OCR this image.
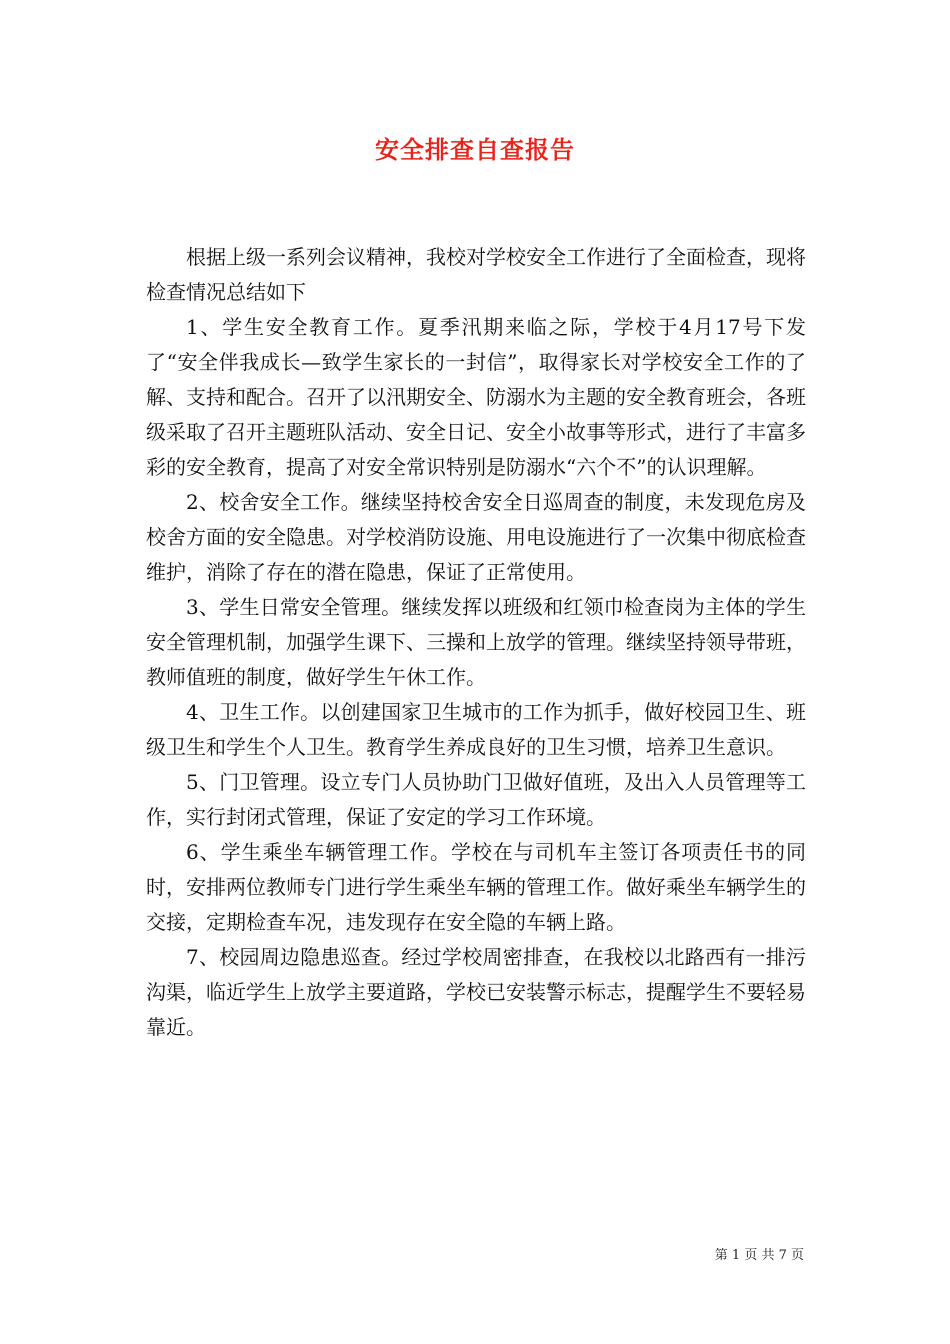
安全排查自查报告

根据上级一系列会议精神，我校对学校安全工作进行了全面检查，现将检查情况总结如下

1、学生安全教育工作。夏季汛期来临之际，学校于4月17号下发了“安全伴我成长—致学生家长的一封信”，取得家长对学校安全工作的了解、支持和配合。召开了以汛期安全、防溺水为主题的安全教育班会，各班级采取了召开主题班队活动、安全日记、安全小故事等形式，进行了丰富多彩的安全教育，提高了对安全常识特别是防溺水“六个不”的认识理解。

2、校舍安全工作。继续坚持校舍安全日巡周查的制度，未发现危房及校舍方面的安全隐患。对学校消防设施、用电设施进行了一次集中彻底检查维护，消除了存在的潜在隐患，保证了正常使用。

3、学生日常安全管理。继续发挥以班级和红领巾检查岗为主体的学生安全管理机制，加强学生课下、三操和上放学的管理。继续坚持领导带班，教师值班的制度，做好学生午休工作。

4、卫生工作。以创建国家卫生城市的工作为抓手，做好校园卫生、班级卫生和学生个人卫生。教育学生养成良好的卫生习惯，培养卫生意识。

5、门卫管理。设立专门人员协助门卫做好值班，及出入人员管理等工作，实行封闭式管理，保证了安定的学习工作环境。

6、学生乘坐车辆管理工作。学校在与司机车主签订各项责任书的同时，安排两位教师专门进行学生乘坐车辆的管理工作。做好乘坐车辆学生的交接，定期检查车况，违发现存在安全隐的车辆上路。

7、校园周边隐患巡查。经过学校周密排查，在我校以北路西有一排污沟渠，临近学生上放学主要道路，学校已安装警示标志，提醒学生不要轻易靠近。

第 1 页 共 7 页
